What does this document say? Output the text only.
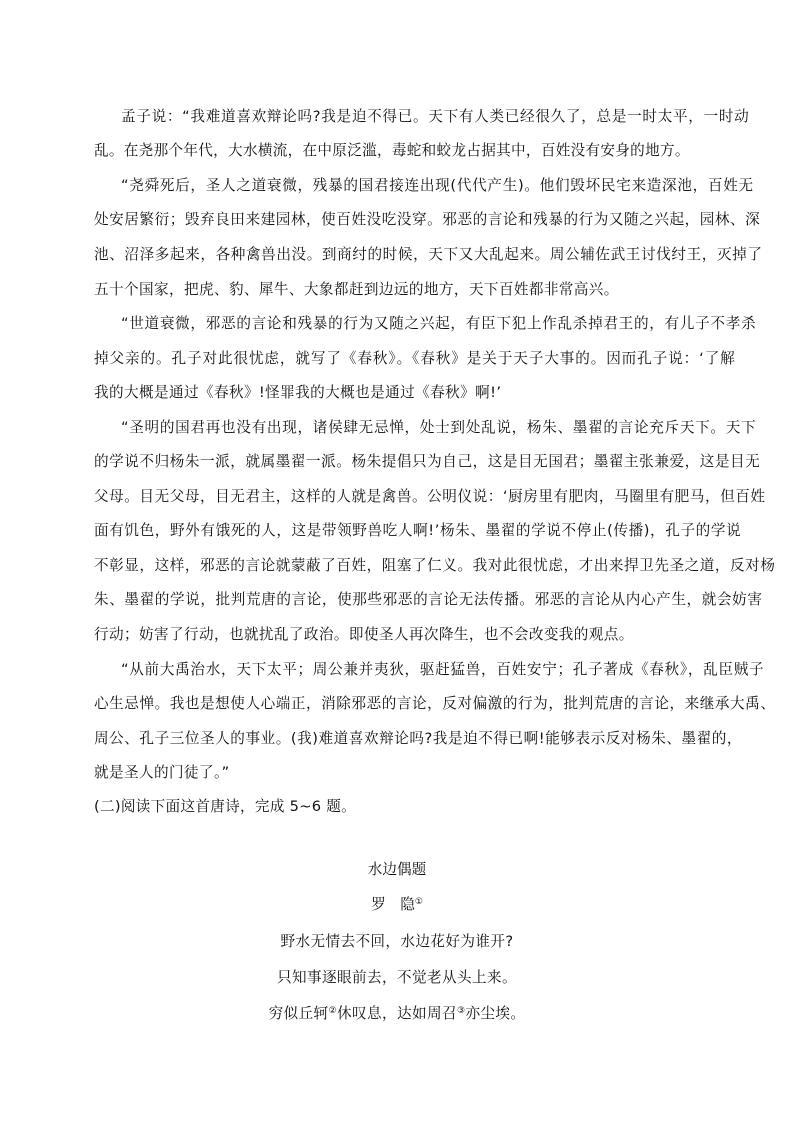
孟子说：“我难道喜欢辩论吗?我是迫不得已。天下有人类已经很久了，总是一时太平，一时动
乱。在尧那个年代，大水横流，在中原泛滥，毒蛇和蛟龙占据其中，百姓没有安身的地方。
“尧舜死后，圣人之道衰微，残暴的国君接连出现(代代产生)。他们毁坏民宅来造深池，百姓无
处安居繁衍；毁弃良田来建园林，使百姓没吃没穿。邪恶的言论和残暴的行为又随之兴起，园林、深
池、沼泽多起来，各种禽兽出没。到商纣的时候，天下又大乱起来。周公辅佐武王讨伐纣王，灭掉了
五十个国家，把虎、豹、犀牛、大象都赶到边远的地方，天下百姓都非常高兴。
“世道衰微，邪恶的言论和残暴的行为又随之兴起，有臣下犯上作乱杀掉君王的，有儿子不孝杀
掉父亲的。孔子对此很忧虑，就写了《春秋》。《春秋》是关于天子大事的。因而孔子说：‘了解
我的大概是通过《春秋》!怪罪我的大概也是通过《春秋》啊!’
“圣明的国君再也没有出现，诸侯肆无忌惮，处士到处乱说，杨朱、墨翟的言论充斥天下。天下
的学说不归杨朱一派，就属墨翟一派。杨朱提倡只为自己，这是目无国君；墨翟主张兼爱，这是目无
父母。目无父母，目无君主，这样的人就是禽兽。公明仪说：‘厨房里有肥肉，马圈里有肥马，但百姓
面有饥色，野外有饿死的人，这是带领野兽吃人啊!’杨朱、墨翟的学说不停止(传播)，孔子的学说
不彰显，这样，邪恶的言论就蒙蔽了百姓，阻塞了仁义。我对此很忧虑，才出来捍卫先圣之道，反对杨
朱、墨翟的学说，批判荒唐的言论，使那些邪恶的言论无法传播。邪恶的言论从内心产生，就会妨害
行动；妨害了行动，也就扰乱了政治。即使圣人再次降生，也不会改变我的观点。
“从前大禹治水，天下太平；周公兼并夷狄，驱赶猛兽，百姓安宁；孔子著成《春秋》，乱臣贼子
心生忌惮。我也是想使人心端正，消除邪恶的言论，反对偏激的行为，批判荒唐的言论，来继承大禹、
周公、孔子三位圣人的事业。(我)难道喜欢辩论吗?我是迫不得已啊!能够表示反对杨朱、墨翟的，
就是圣人的门徒了。”
(二)阅读下面这首唐诗，完成 5~6 题。
水边偶题
罗　隐①
野水无情去不回，水边花好为谁开?
只知事逐眼前去，不觉老从头上来。
穷似丘轲②休叹息，达如周召③亦尘埃。
